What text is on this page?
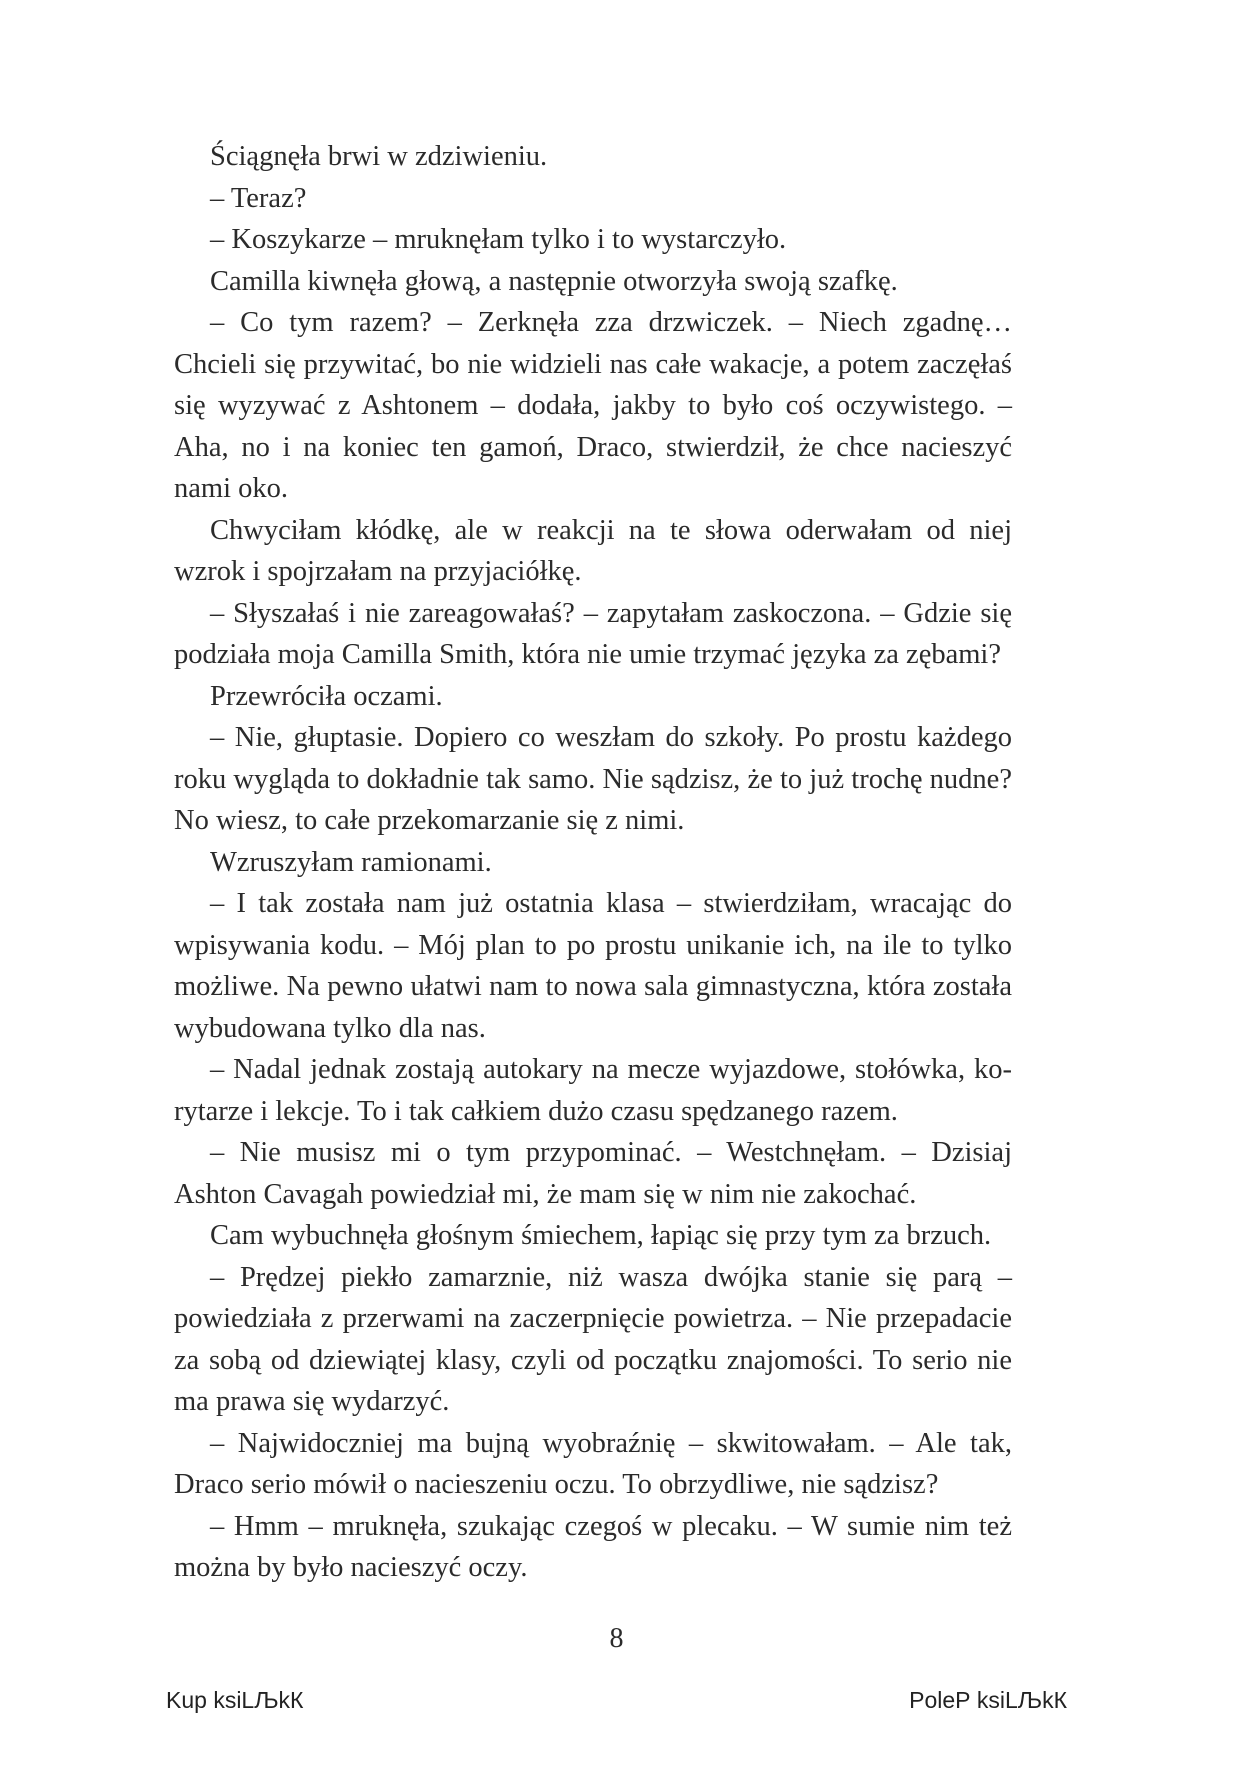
Ściągnęła brwi w zdziwieniu.

– Teraz?

– Koszykarze – mruknęłam tylko i to wystarczyło.

Camilla kiwnęła głową, a następnie otworzyła swoją szafkę.

– Co tym razem? – Zerknęła zza drzwiczek. – Niech zgadnę… Chcieli się przywitać, bo nie widzieli nas całe wakacje, a potem zaczęłaś się wyzywać z Ashtonem – dodała, jakby to było coś oczywistego. – Aha, no i na koniec ten gamoń, Draco, stwierdził, że chce nacieszyć nami oko.

Chwyciłam kłódkę, ale w reakcji na te słowa oderwałam od niej wzrok i spojrzałam na przyjaciółkę.

– Słyszałaś i nie zareagowałaś? – zapytałam zaskoczona. – Gdzie się podziała moja Camilla Smith, która nie umie trzymać języka za zębami?

Przewróciła oczami.

– Nie, głuptasie. Dopiero co weszłam do szkoły. Po prostu każdego roku wygląda to dokładnie tak samo. Nie sądzisz, że to już trochę nudne? No wiesz, to całe przekomarzanie się z nimi.

Wzruszyłam ramionami.

– I tak została nam już ostatnia klasa – stwierdziłam, wracając do wpisywania kodu. – Mój plan to po prostu unikanie ich, na ile to tylko możliwe. Na pewno ułatwi nam to nowa sala gimnastyczna, która została wybudowana tylko dla nas.

– Nadal jednak zostają autokary na mecze wyjazdowe, stołówka, korytarze i lekcje. To i tak całkiem dużo czasu spędzanego razem.

– Nie musisz mi o tym przypominać. – Westchnęłam. – Dzisiaj Ashton Cavagah powiedział mi, że mam się w nim nie zakochać.

Cam wybuchnęła głośnym śmiechem, łapiąc się przy tym za brzuch.

– Prędzej piekło zamarznie, niż wasza dwójka stanie się parą – powiedziała z przerwami na zaczerpnięcie powietrza. – Nie przepadacie za sobą od dziewiątej klasy, czyli od początku znajomości. To serio nie ma prawa się wydarzyć.

– Najwidoczniej ma bujną wyobraźnię – skwitowałam. – Ale tak, Draco serio mówił o nacieszeniu oczu. To obrzydliwe, nie sądzisz?

– Hmm – mruknęła, szukając czegoś w plecaku. – W sumie nim też można by było nacieszyć oczy.

8
Kup ksiLЉkК	PoleР ksiLЉkК
